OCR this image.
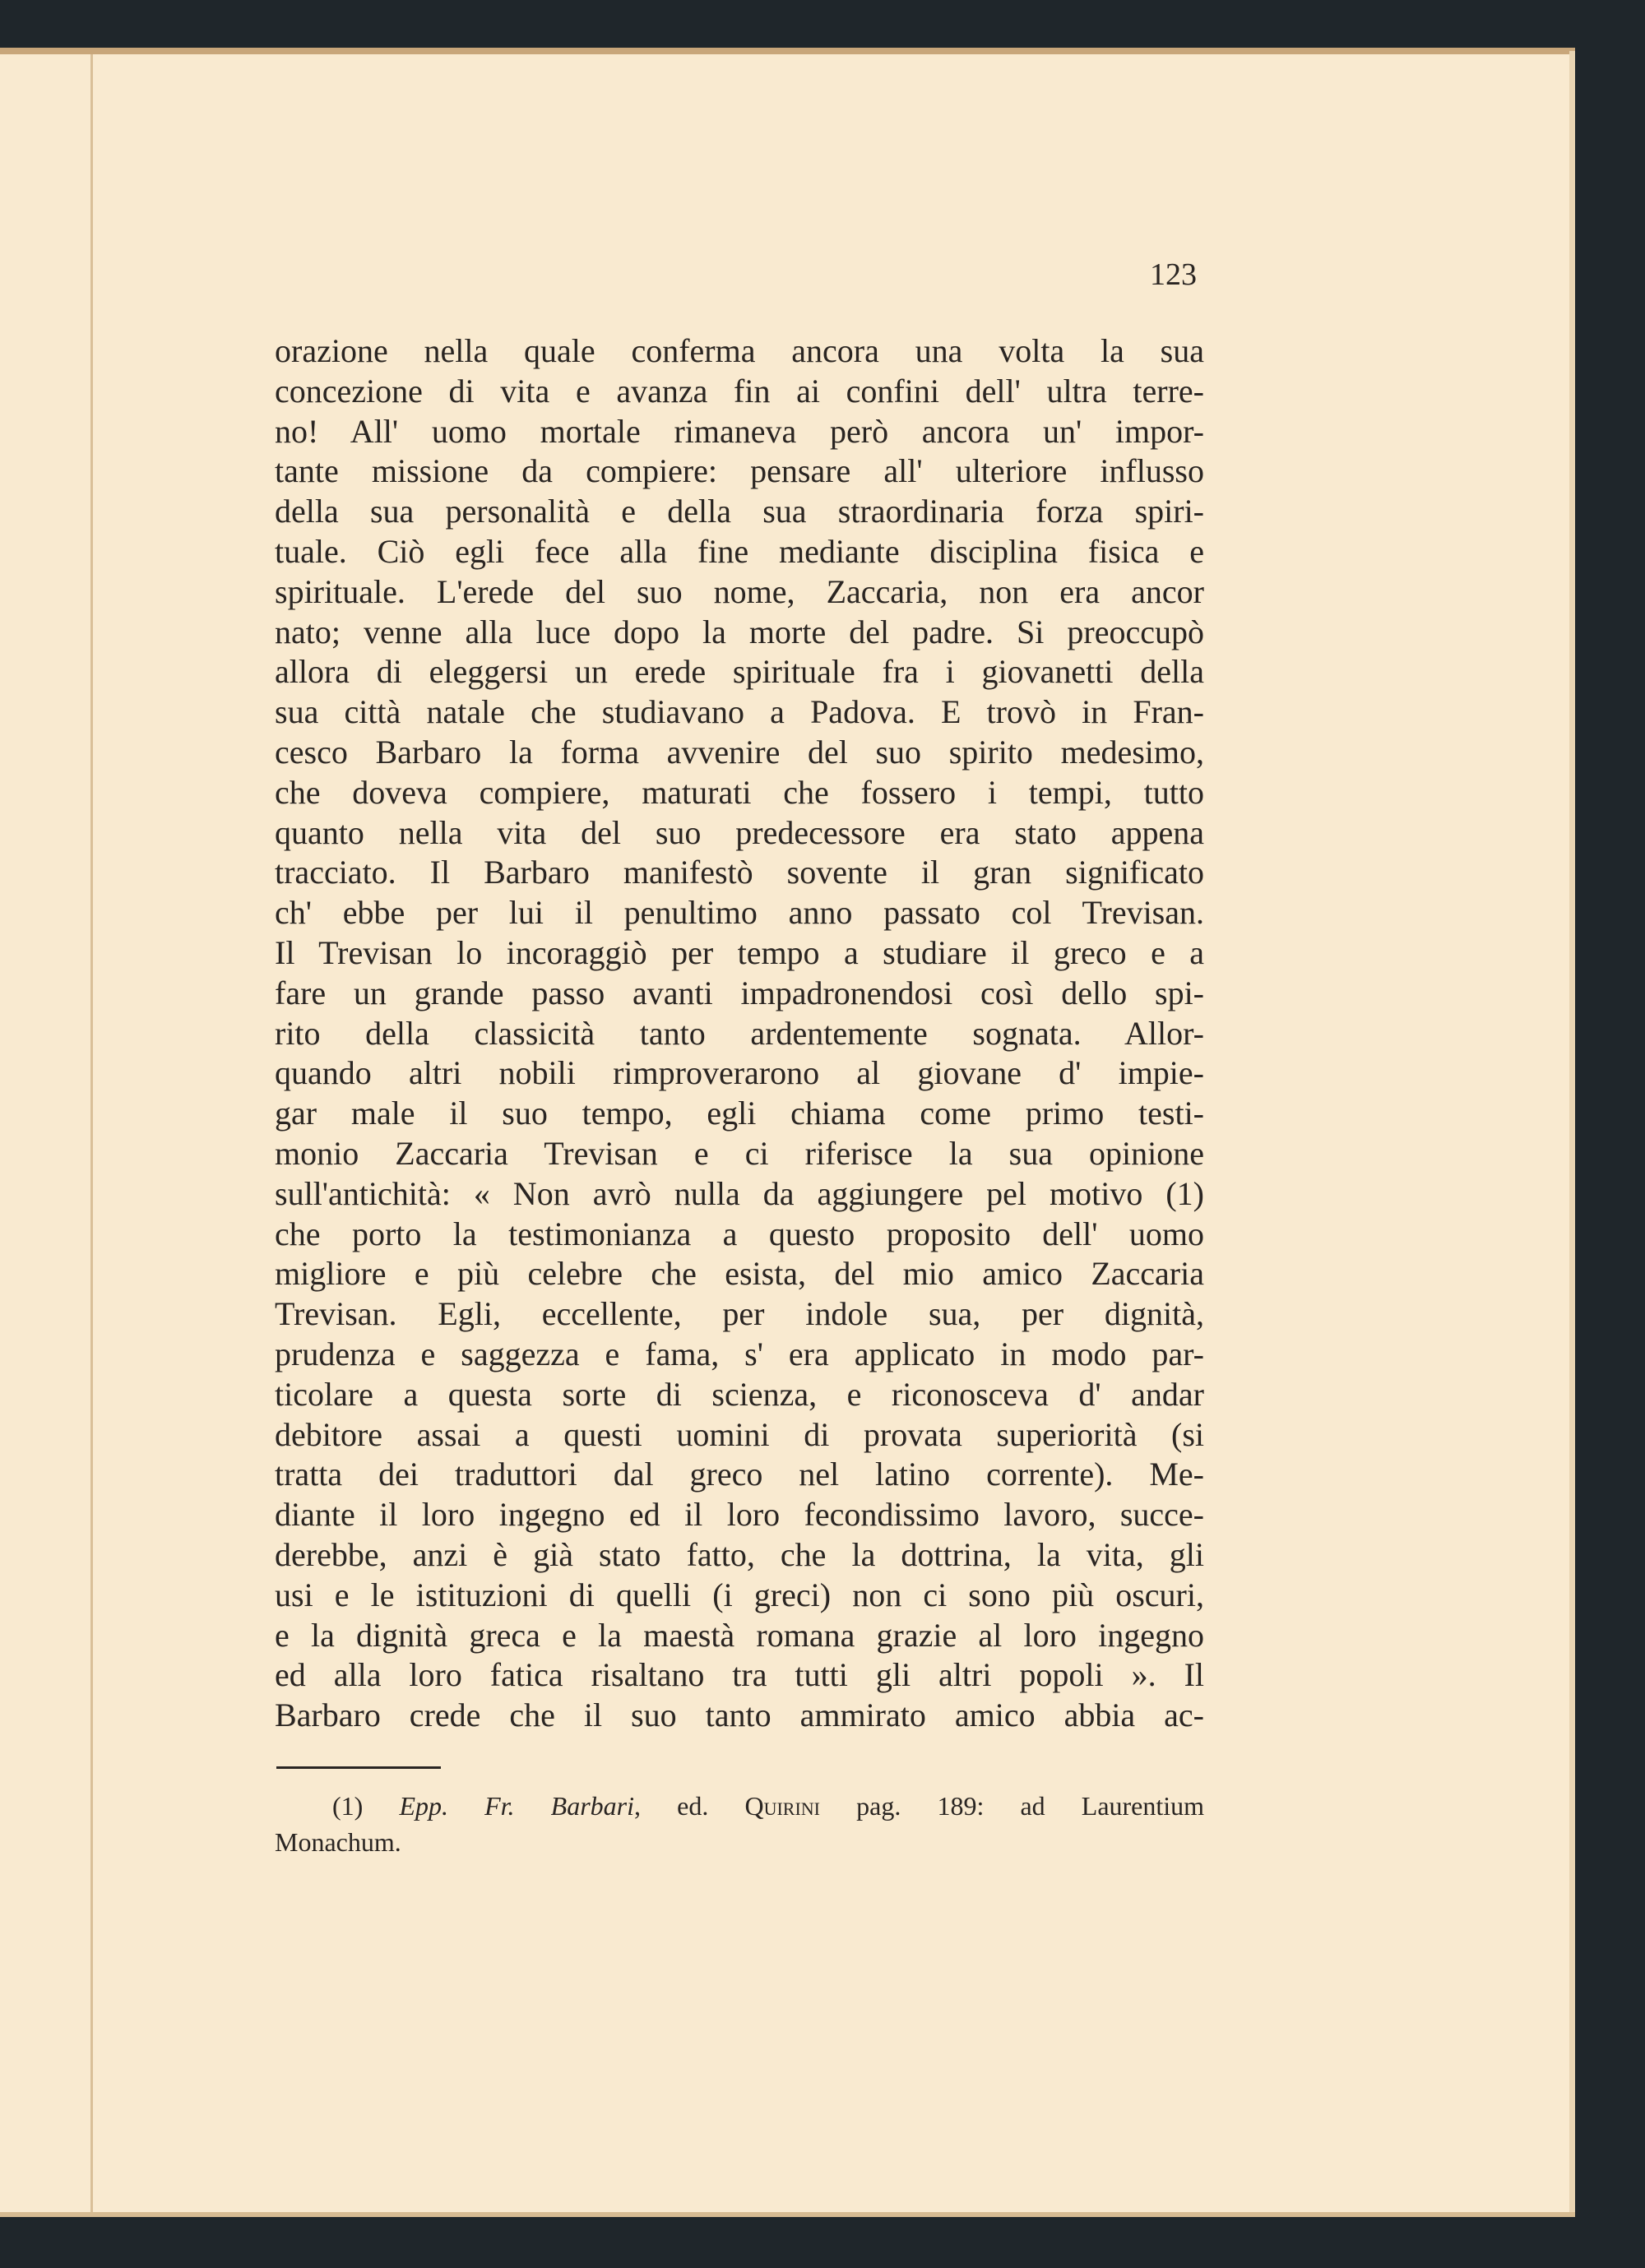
123
orazione nella quale conferma ancora una volta la sua
concezione di vita e avanza fin ai confini dell' ultra terre-
no! All' uomo mortale rimaneva però ancora un' impor-
tante missione da compiere: pensare all' ulteriore influsso
della sua personalità e della sua straordinaria forza spiri-
tuale. Ciò egli fece alla fine mediante disciplina fisica e
spirituale. L'erede del suo nome, Zaccaria, non era ancor
nato; venne alla luce dopo la morte del padre. Si preoccupò
allora di eleggersi un erede spirituale fra i giovanetti della
sua città natale che studiavano a Padova. E trovò in Fran-
cesco Barbaro la forma avvenire del suo spirito medesimo,
che doveva compiere, maturati che fossero i tempi, tutto
quanto nella vita del suo predecessore era stato appena
tracciato. Il Barbaro manifestò sovente il gran significato
ch' ebbe per lui il penultimo anno passato col Trevisan.
Il Trevisan lo incoraggiò per tempo a studiare il greco e a
fare un grande passo avanti impadronendosi così dello spi-
rito della classicità tanto ardentemente sognata. Allor-
quando altri nobili rimproverarono al giovane d' impie-
gar male il suo tempo, egli chiama come primo testi-
monio Zaccaria Trevisan e ci riferisce la sua opinione
sull'antichità: « Non avrò nulla da aggiungere pel motivo (1)
che porto la testimonianza a questo proposito dell' uomo
migliore e più celebre che esista, del mio amico Zaccaria
Trevisan. Egli, eccellente, per indole sua, per dignità,
prudenza e saggezza e fama, s' era applicato in modo par-
ticolare a questa sorte di scienza, e riconosceva d' andar
debitore assai a questi uomini di provata superiorità (si
tratta dei traduttori dal greco nel latino corrente). Me-
diante il loro ingegno ed il loro fecondissimo lavoro, succe-
derebbe, anzi è già stato fatto, che la dottrina, la vita, gli
usi e le istituzioni di quelli (i greci) non ci sono più oscuri,
e la dignità greca e la maestà romana grazie al loro ingegno
ed alla loro fatica risaltano tra tutti gli altri popoli ». Il
Barbaro crede che il suo tanto ammirato amico abbia ac-
(1) Epp. Fr. Barbari, ed. Quirini pag. 189: ad Laurentium
Monachum.
